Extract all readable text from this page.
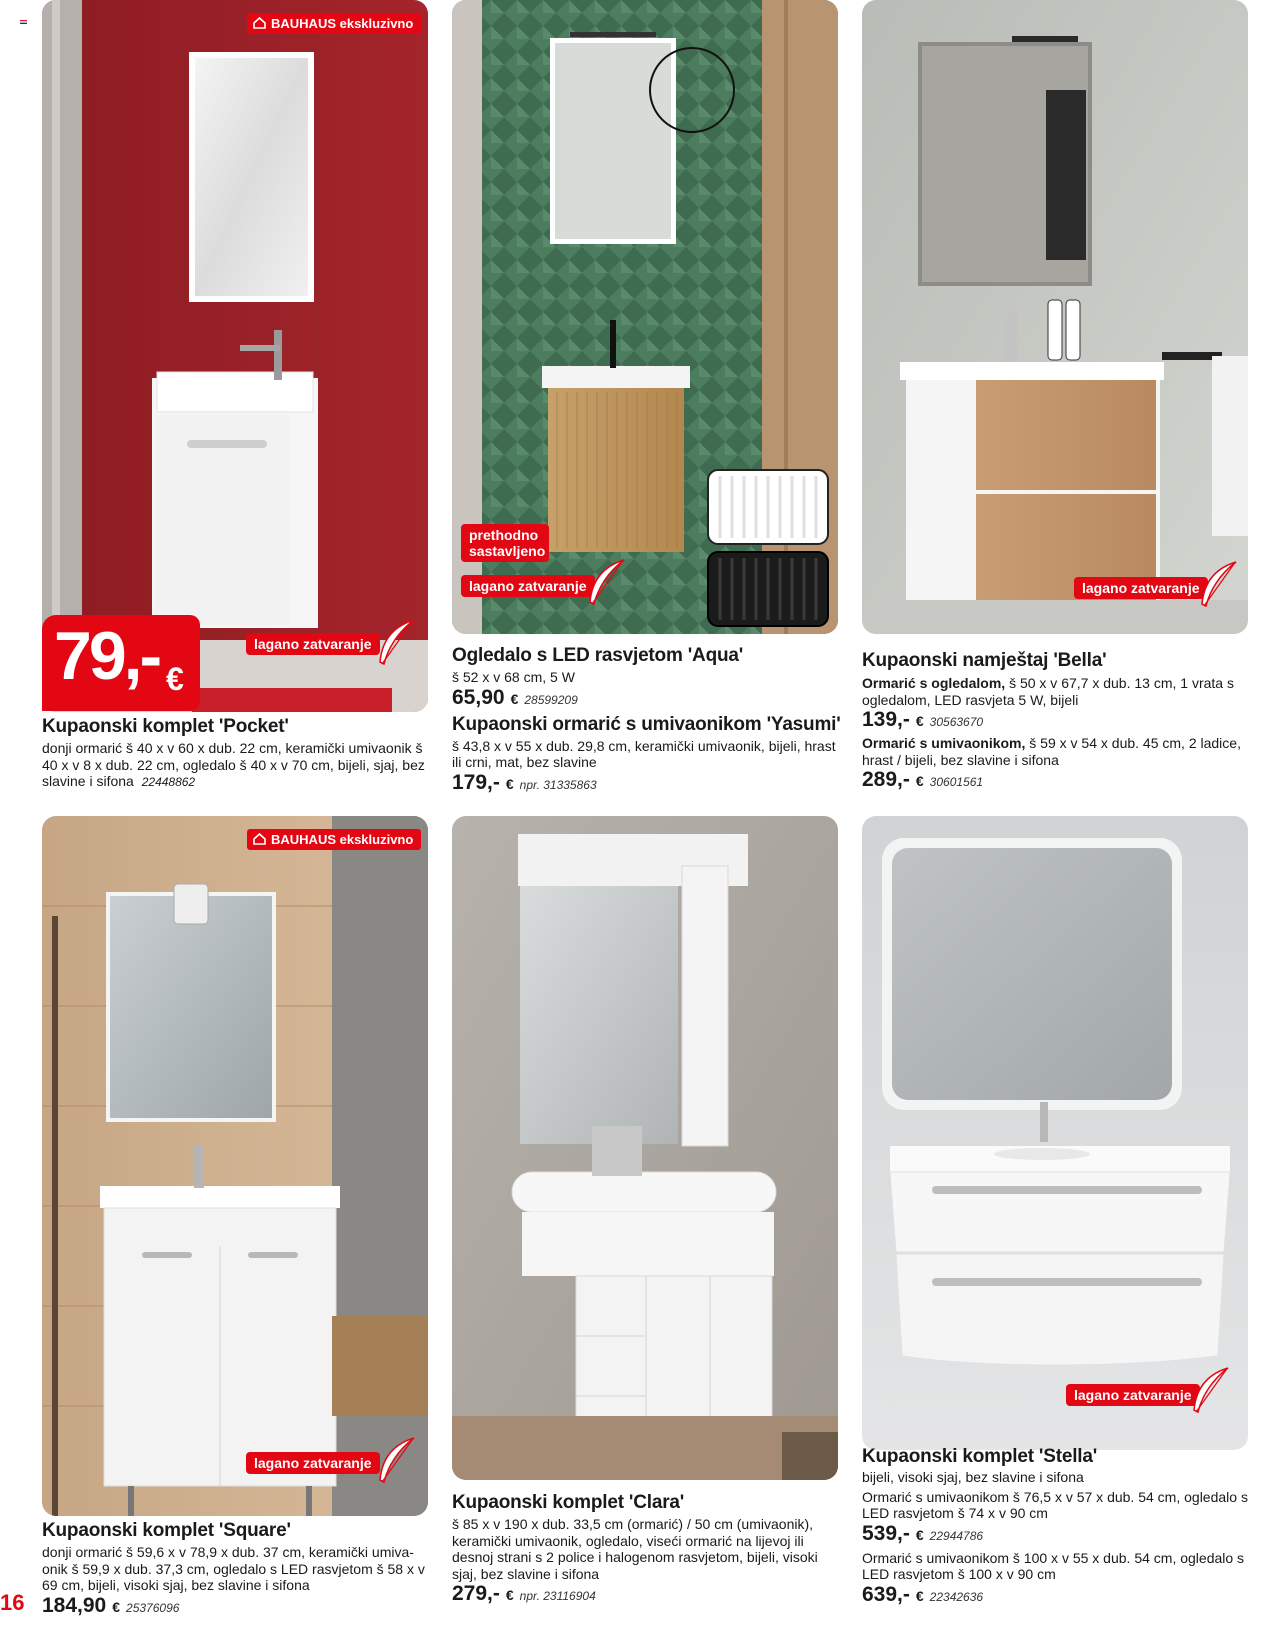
BAUHAUS ekskluzivno
79,- €
lagano zatvaranje
Kupaonski komplet 'Pocket'
donji ormarić š 40 x v 60 x dub. 22 cm, keramički umivaonik š 40 x v 8 x dub. 22 cm, ogledalo š 40 x v 70 cm, bijeli, sjaj, bez slavine i sifona 22448862
prethodno sastavljeno
lagano zatvaranje
Ogledalo s LED rasvjetom 'Aqua'
š 52 x v 68 cm, 5 W
65,90 € 28599209
Kupaonski ormarić s umivaonikom 'Yasumi'
š 43,8 x v 55 x dub. 29,8 cm, keramički umivaonik, bijeli, hrast ili crni, mat, bez slavine
179,- € npr. 31335863
lagano zatvaranje
Kupaonski namještaj 'Bella'
Ormarić s ogledalom, š 50 x v 67,7 x dub. 13 cm, 1 vrata s ogledalom, LED rasvjeta 5 W, bijeli
139,- € 30563670
Ormarić s umivaonikom, š 59 x v 54 x dub. 45 cm, 2 ladice, hrast / bijeli, bez slavine i sifona
289,- € 30601561
BAUHAUS ekskluzivno
lagano zatvaranje
Kupaonski komplet 'Square'
donji ormarić š 59,6 x v 78,9 x dub. 37 cm, keramički umiva-onik š 59,9 x dub. 37,3 cm, ogledalo s LED rasvjetom š 58 x v 69 cm, bijeli, visoki sjaj, bez slavine i sifona
184,90 € 25376096
Kupaonski komplet 'Clara'
š 85 x v 190 x dub. 33,5 cm (ormarić) / 50 cm (umivaonik), keramički umivaonik, ogledalo, viseći ormarić na lijevoj ili desnoj strani s 2 police i halogenom rasvjetom, bijeli, visoki sjaj, bez slavine i sifona
279,- € npr. 23116904
lagano zatvaranje
Kupaonski komplet 'Stella'
bijeli, visoki sjaj, bez slavine i sifona
Ormarić s umivaonikom š 76,5 x v 57 x dub. 54 cm, ogledalo s LED rasvjetom š 74 x v 90 cm
539,- € 22944786
Ormarić s umivaonikom š 100 x v 55 x dub. 54 cm, ogledalo s LED rasvjetom š 100 x v 90 cm
639,- € 22342636
16
